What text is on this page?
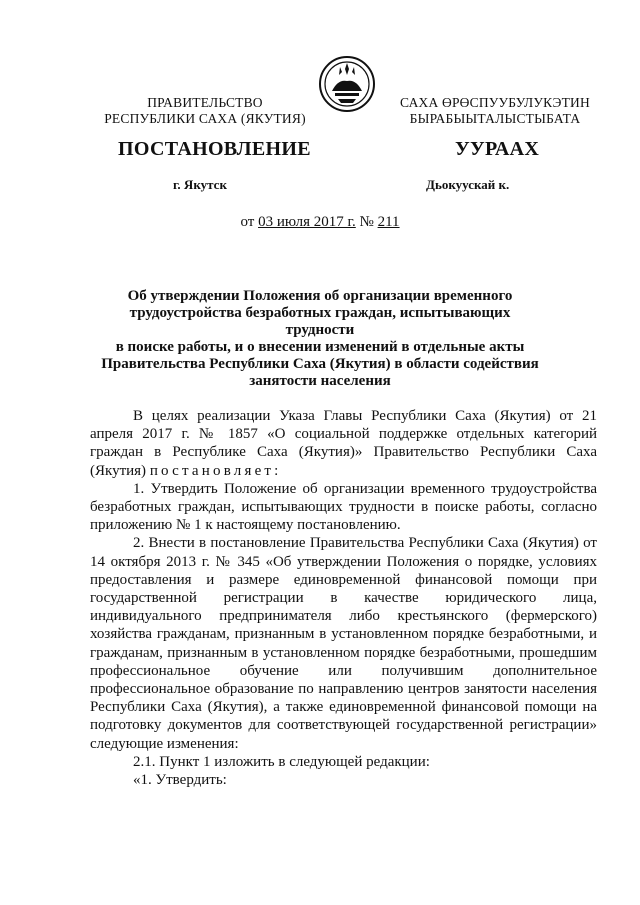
ПРАВИТЕЛЬСТВО
РЕСПУБЛИКИ САХА (ЯКУТИЯ)
САХА ӨРӨСПУУБУЛУКЭТИН
БЫРАБЫЫТАЛЫСТЫБАТА
ПОСТАНОВЛЕНИЕ	УУРААХ
г. Якутск	Дьокуускай к.
от 03 июля 2017 г. № 211
Об утверждении Положения об организации временного
трудоустройства безработных граждан, испытывающих трудности
в поиске работы, и о внесении изменений в отдельные акты
Правительства Республики Саха (Якутия) в области содействия
занятости населения

В целях реализации Указа Главы Республики Саха (Якутия) от 21 апреля 2017 г. № 1857 «О социальной поддержке отдельных категорий граждан в Республике Саха (Якутия)» Правительство Республики Саха (Якутия) постановляет:

1. Утвердить Положение об организации временного трудоустройства безработных граждан, испытывающих трудности в поиске работы, согласно приложению № 1 к настоящему постановлению.

2. Внести в постановление Правительства Республики Саха (Якутия) от 14 октября 2013 г. № 345 «Об утверждении Положения о порядке, условиях предоставления и размере единовременной финансовой помощи при государственной регистрации в качестве юридического лица, индивидуального предпринимателя либо крестьянского (фермерского) хозяйства гражданам, признанным в установленном порядке безработными, и гражданам, признанным в установленном порядке безработными, прошедшим профессиональное обучение или получившим дополнительное профессиональное образование по направлению центров занятости населения Республики Саха (Якутия), а также единовременной финансовой помощи на подготовку документов для соответствующей государственной регистрации» следующие изменения:

2.1. Пункт 1 изложить в следующей редакции:

«1. Утвердить:
